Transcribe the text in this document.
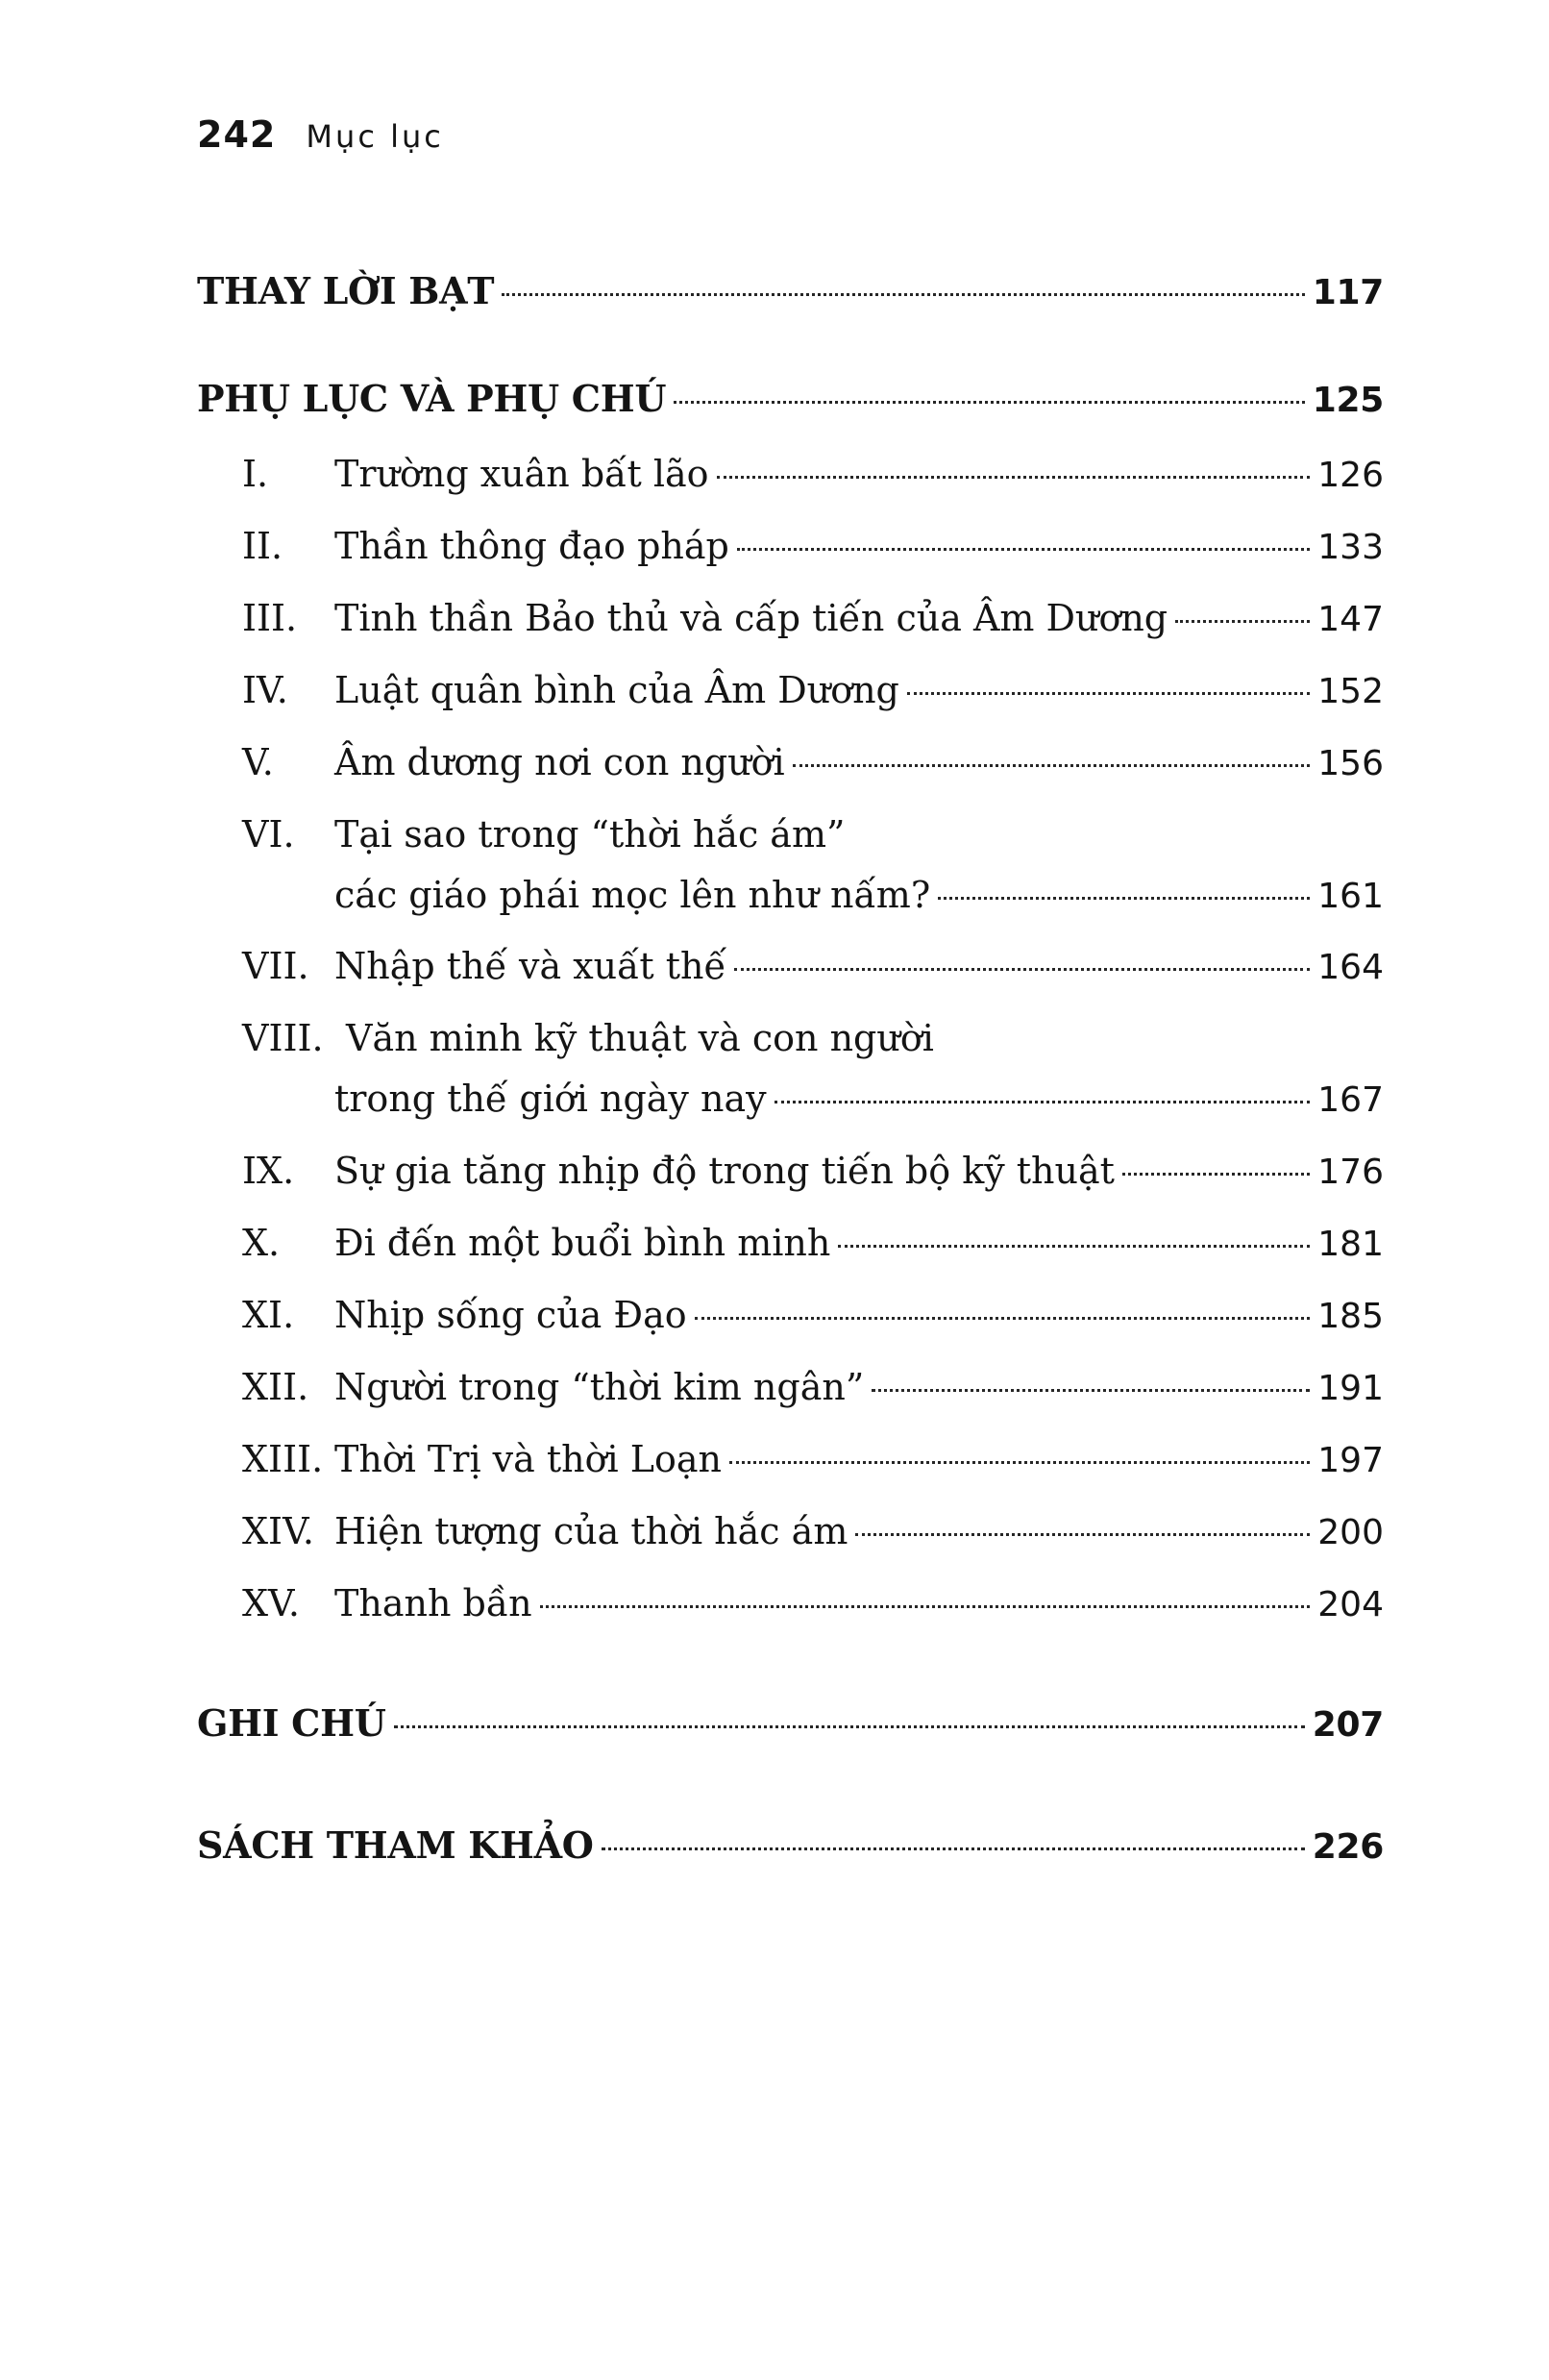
242 Mục lục
THAY LỜI BẠT	117
PHỤ LỤC VÀ PHỤ CHÚ	125
I.	Trường xuân bất lão	126
II.	Thần thông đạo pháp	133
III.	Tinh thần Bảo thủ và cấp tiến của Âm Dương	147
IV.	Luật quân bình của Âm Dương	152
V.	Âm dương nơi con người	156
VI. Tại sao trong “thời hắc ám”
các giáo phái mọc lên như nấm?	161
VII. Nhập thế và xuất thế	164
VIII. Văn minh kỹ thuật và con người
trong thế giới ngày nay	167
IX.	Sự gia tăng nhịp độ trong tiến bộ kỹ thuật	176
X.	Đi đến một buổi bình minh	181
XI.	Nhịp sống của Đạo	185
XII. Người trong “thời kim ngân”	191
XIII. Thời Trị và thời Loạn	197
XIV. Hiện tượng của thời hắc ám	200
XV. Thanh bần	204
GHI CHÚ	207
SÁCH THAM KHẢO	226
